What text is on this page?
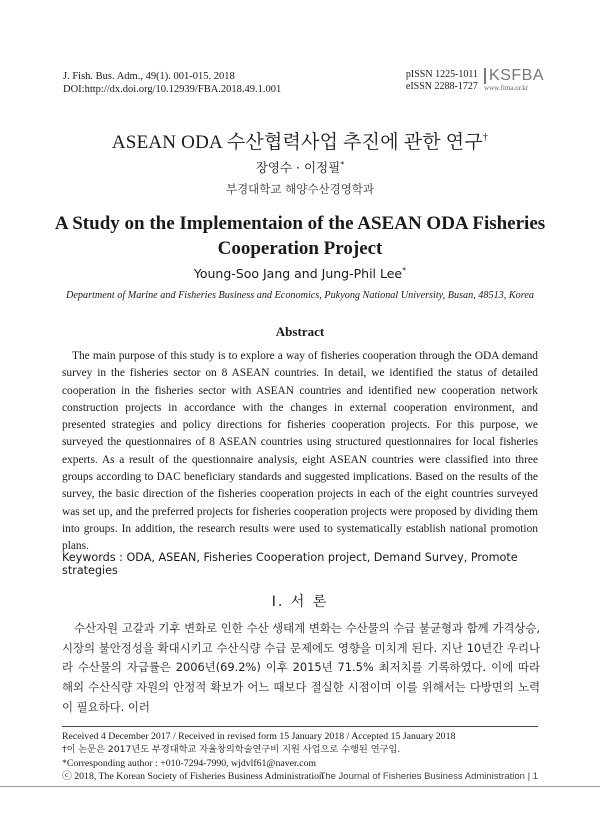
J. Fish. Bus. Adm., 49(1). 001-015. 2018
DOI:http://dx.doi.org/10.12939/FBA.2018.49.1.001
pISSN 1225-1011
eISSN 2288-1727
KSFBA
www.fima.or.kr
ASEAN ODA 수산협력사업 추진에 관한 연구†
장영수 · 이정필*
부경대학교 해양수산경영학과
A Study on the Implementaion of the ASEAN ODA Fisheries
Cooperation Project
Young-Soo Jang and Jung-Phil Lee*
Department of Marine and Fisheries Business and Economics, Pukyong National University, Busan, 48513, Korea
Abstract
The main purpose of this study is to explore a way of fisheries cooperation through the ODA demand survey in the fisheries sector on 8 ASEAN countries. In detail, we identified the status of detailed cooperation in the fisheries sector with ASEAN countries and identified new cooperation network construction projects in accordance with the changes in external cooperation environment, and presented strategies and policy directions for fisheries cooperation projects. For this purpose, we surveyed the questionnaires of 8 ASEAN countries using structured questionnaires for local fisheries experts. As a result of the questionnaire analysis, eight ASEAN countries were classified into three groups according to DAC beneficiary standards and suggested implications. Based on the results of the survey, the basic direction of the fisheries cooperation projects in each of the eight countries surveyed was set up, and the preferred projects for fisheries cooperation projects were proposed by dividing them into groups. In addition, the research results were used to systematically establish national promotion plans.
Keywords : ODA, ASEAN, Fisheries Cooperation project, Demand Survey, Promote strategies
Ⅰ. 서 론
수산자원 고갈과 기후 변화로 인한 수산 생태계 변화는 수산물의 수급 불균형과 함께 가격상승, 시장의 불안정성을 확대시키고 수산식량 수급 문제에도 영향을 미치게 된다. 지난 10년간 우리나라 수산물의 자급률은 2006년(69.2%) 이후 2015년 71.5% 최저치를 기록하였다. 이에 따라 해외 수산식량 자원의 안정적 확보가 어느 때보다 절실한 시점이며 이를 위해서는 다방면의 노력이 필요하다. 이러
Received 4 December 2017 / Received in revised form 15 January 2018 / Accepted 15 January 2018
†이 논문은 2017년도 부경대학교 자율창의학술연구비 지원 사업으로 수행된 연구임.
*Corresponding author : +010-7294-7990, wjdvlf61@naver.com
ⓒ 2018, The Korean Society of Fisheries Business Administration
The Journal of Fisheries Business Administration | 1
